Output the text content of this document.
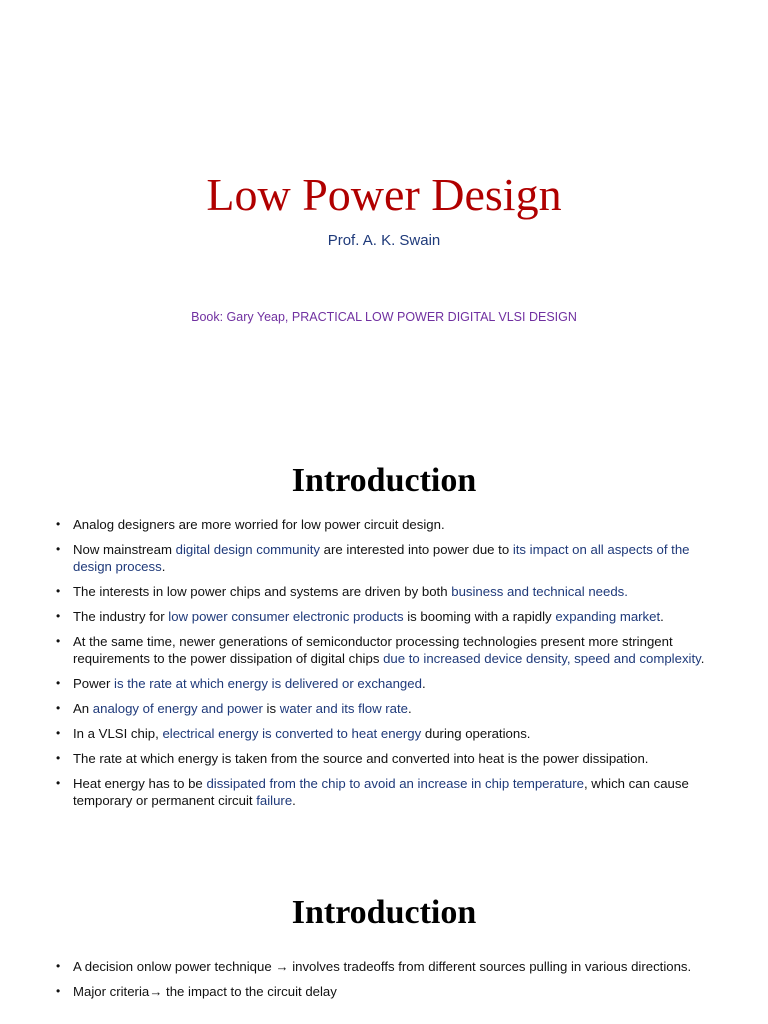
Low Power Design
Prof. A. K. Swain
Book: Gary Yeap, PRACTICAL LOW POWER DIGITAL VLSI DESIGN
Introduction
• Analog designers are more worried for low power circuit design.
• Now mainstream digital design community are interested into power due to its impact on all aspects of the design process.
• The interests in low power chips and systems are driven by both business and technical needs.
• The industry for low power consumer electronic products is booming with a rapidly expanding market.
• At the same time, newer generations of semiconductor processing technologies present more stringent requirements to the power dissipation of digital chips due to increased device density, speed and complexity.
• Power is the rate at which energy is delivered or exchanged.
• An analogy of energy and power is water and its flow rate.
• In a VLSI chip, electrical energy is converted to heat energy during operations.
• The rate at which energy is taken from the source and converted into heat is the power dissipation.
• Heat energy has to be dissipated from the chip to avoid an increase in chip temperature, which can cause temporary or permanent circuit failure.
Introduction
• A decision onlow power technique → involves tradeoffs from different sources pulling in various directions.
• Major criteria→ the impact to the circuit delay
